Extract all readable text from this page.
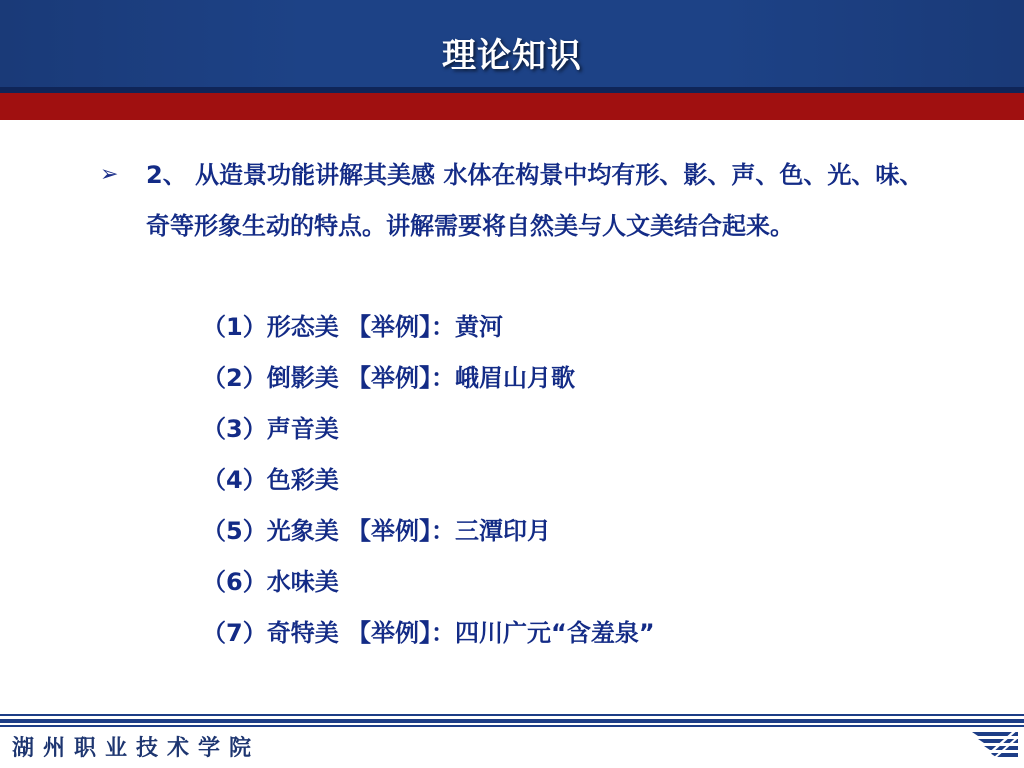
理论知识
➢ 2、 从造景功能讲解其美感 水体在构景中均有形、影、声、色、光、味、奇等形象生动的特点。讲解需要将自然美与人文美结合起来。

（1）形态美 【举例】：黄河
（2）倒影美 【举例】：峨眉山月歌
（3）声音美
（4）色彩美
（5）光象美 【举例】：三潭印月
（6）水味美
（7）奇特美 【举例】：四川广元“含羞泉”
湖州职业技术学院
